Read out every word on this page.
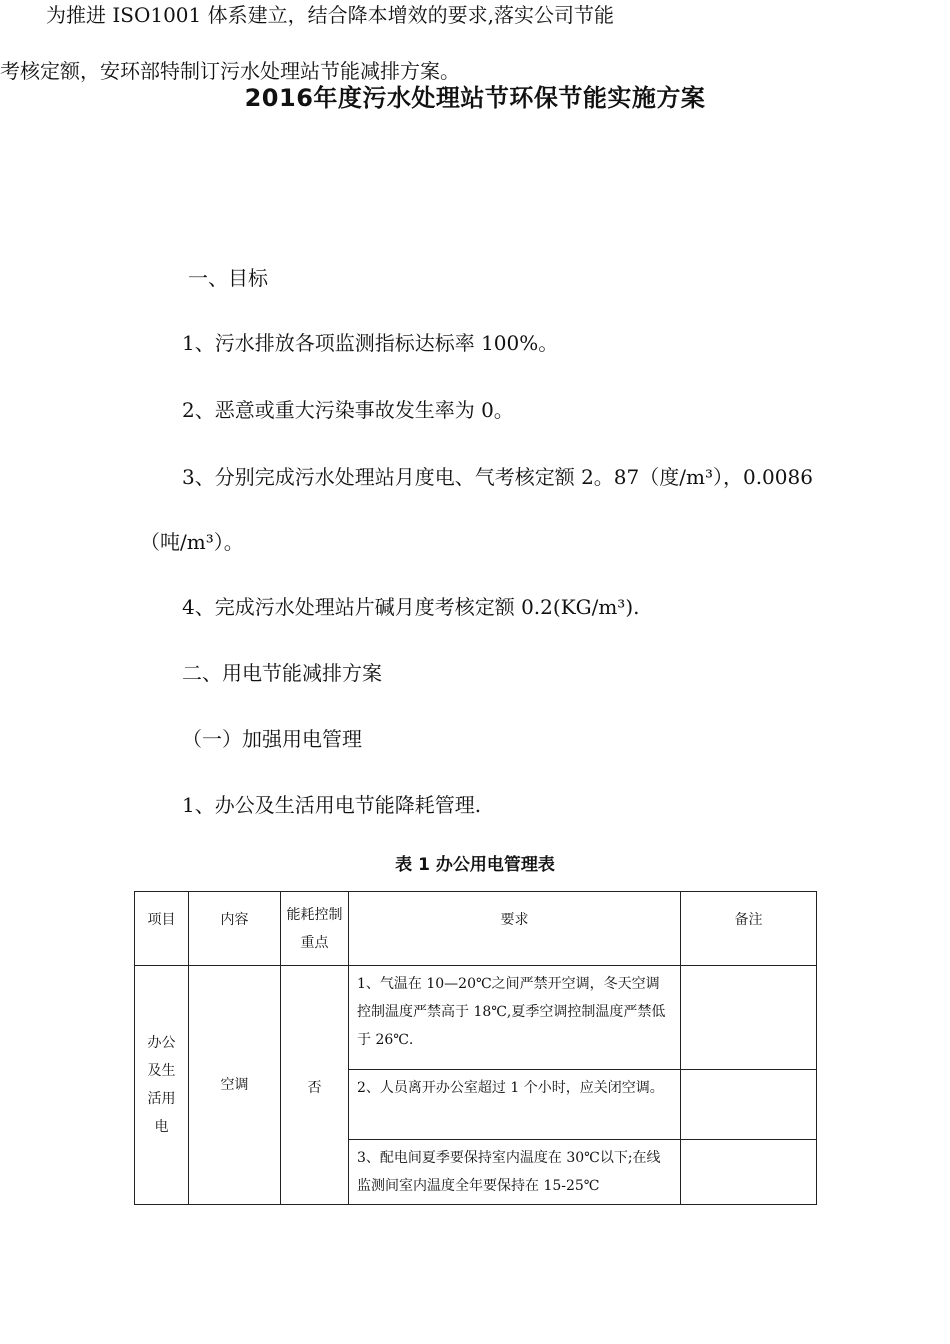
2016年度污水处理站节环保节能实施方案
为推进 ISO1001 体系建立，结合降本增效的要求,落实公司节能
考核定额，安环部特制订污水处理站节能减排方案。
一、目标
1、污水排放各项监测指标达标率 100%。
2、恶意或重大污染事故发生率为 0。
3、分别完成污水处理站月度电、气考核定额 2。87（度/m³），0.0086
（吨/m³）。
4、完成污水处理站片碱月度考核定额 0.2(KG/m³).
二、用电节能减排方案
（一）加强用电管理
1、办公及生活用电节能降耗管理.
表 1 办公用电管理表
项目	内容	能耗控制重点	要求	备注

办公及生活用电	空调	否	1、气温在 10—20℃之间严禁开空调，冬天空调控制温度严禁高于 18℃,夏季空调控制温度严禁低于 26℃.	
			2、人员离开办公室超过 1 个小时，应关闭空调。	
			3、配电间夏季要保持室内温度在 30℃以下;在线监测间室内温度全年要保持在 15-25℃	
